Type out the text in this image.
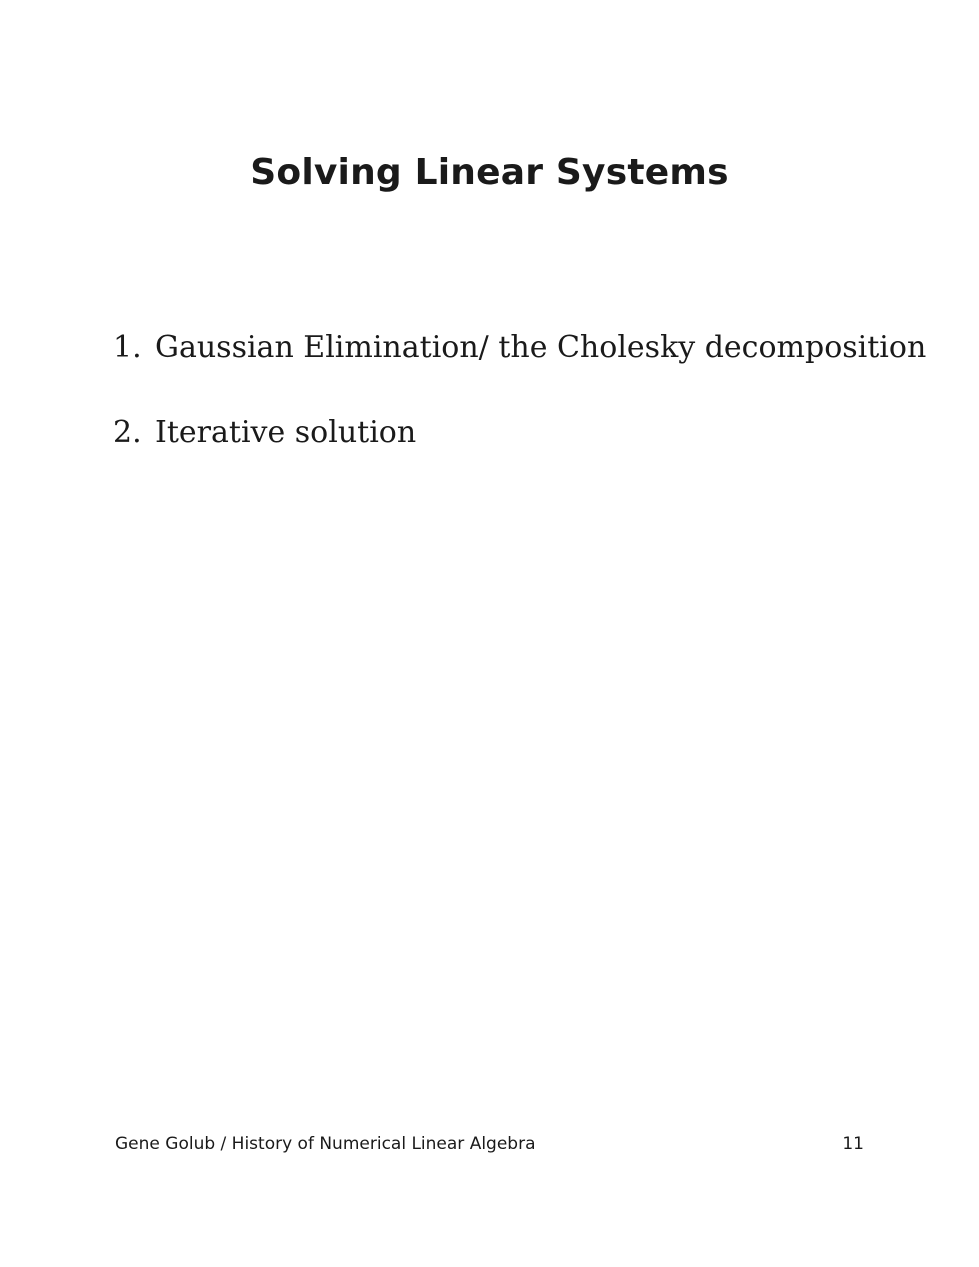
Solving Linear Systems
1. Gaussian Elimination/ the Cholesky decomposition
2. Iterative solution
Gene Golub / History of Numerical Linear Algebra	11
